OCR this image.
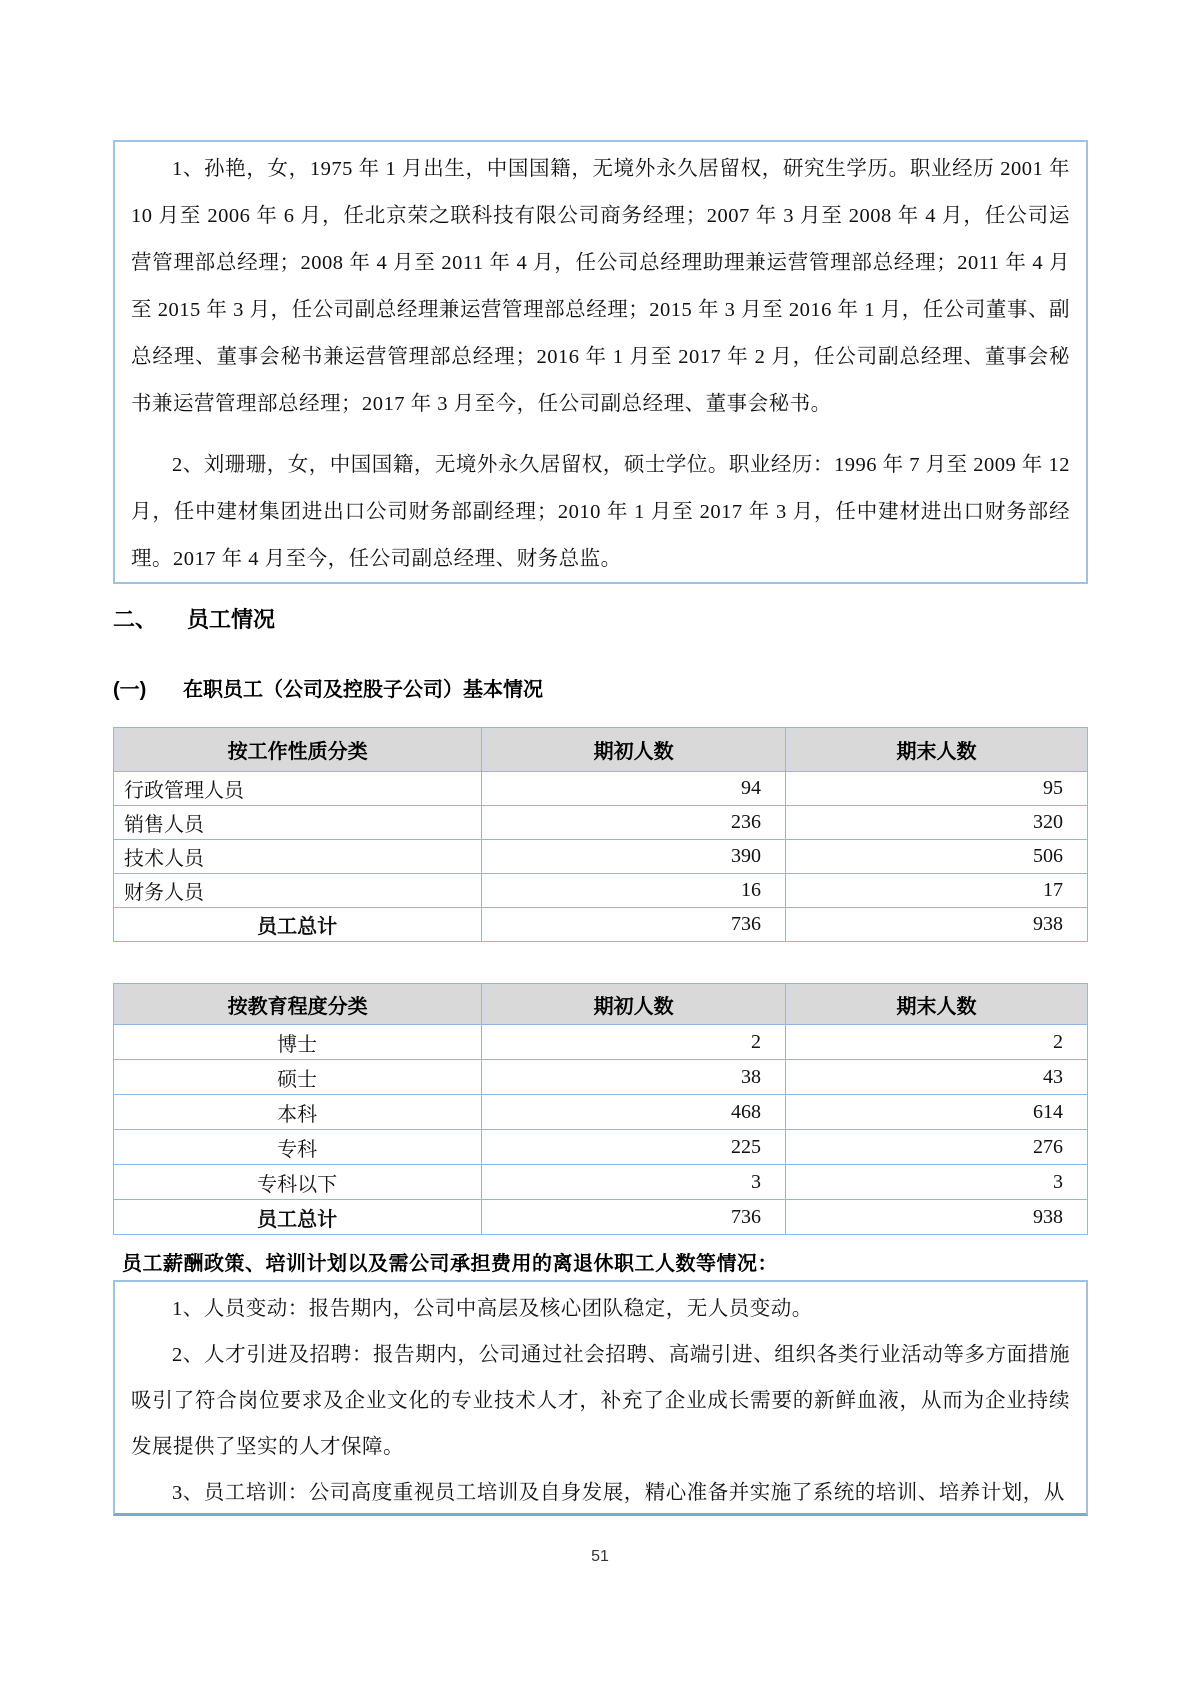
1、孙艳，女，1975 年 1 月出生，中国国籍，无境外永久居留权，研究生学历。职业经历 2001 年 10 月至 2006 年 6 月，任北京荣之联科技有限公司商务经理；2007 年 3 月至 2008 年 4 月，任公司运营管理部总经理；2008 年 4 月至 2011 年 4 月，任公司总经理助理兼运营管理部总经理；2011 年 4 月至 2015 年 3 月，任公司副总经理兼运营管理部总经理；2015 年 3 月至 2016 年 1 月，任公司董事、副总经理、董事会秘书兼运营管理部总经理；2016 年 1 月至 2017 年 2 月，任公司副总经理、董事会秘书兼运营管理部总经理；2017 年 3 月至今，任公司副总经理、董事会秘书。

2、刘珊珊，女，中国国籍，无境外永久居留权，硕士学位。职业经历：1996 年 7 月至 2009 年 12 月，任中建材集团进出口公司财务部副经理；2010 年 1 月至 2017 年 3 月，任中建材进出口财务部经理。2017 年 4 月至今，任公司副总经理、财务总监。

二、 员工情况
(一) 在职员工（公司及控股子公司）基本情况
按工作性质分类	期初人数	期末人数
行政管理人员	94	95
销售人员	236	320
技术人员	390	506
财务人员	16	17
员工总计	736	938
按教育程度分类	期初人数	期末人数
博士	2	2
硕士	38	43
本科	468	614
专科	225	276
专科以下	3	3
员工总计	736	938
员工薪酬政策、培训计划以及需公司承担费用的离退休职工人数等情况：

1、人员变动：报告期内，公司中高层及核心团队稳定，无人员变动。

2、人才引进及招聘：报告期内，公司通过社会招聘、高端引进、组织各类行业活动等多方面措施吸引了符合岗位要求及企业文化的专业技术人才，补充了企业成长需要的新鲜血液，从而为企业持续发展提供了坚实的人才保障。

3、员工培训：公司高度重视员工培训及自身发展，精心准备并实施了系统的培训、培养计划，从

51
